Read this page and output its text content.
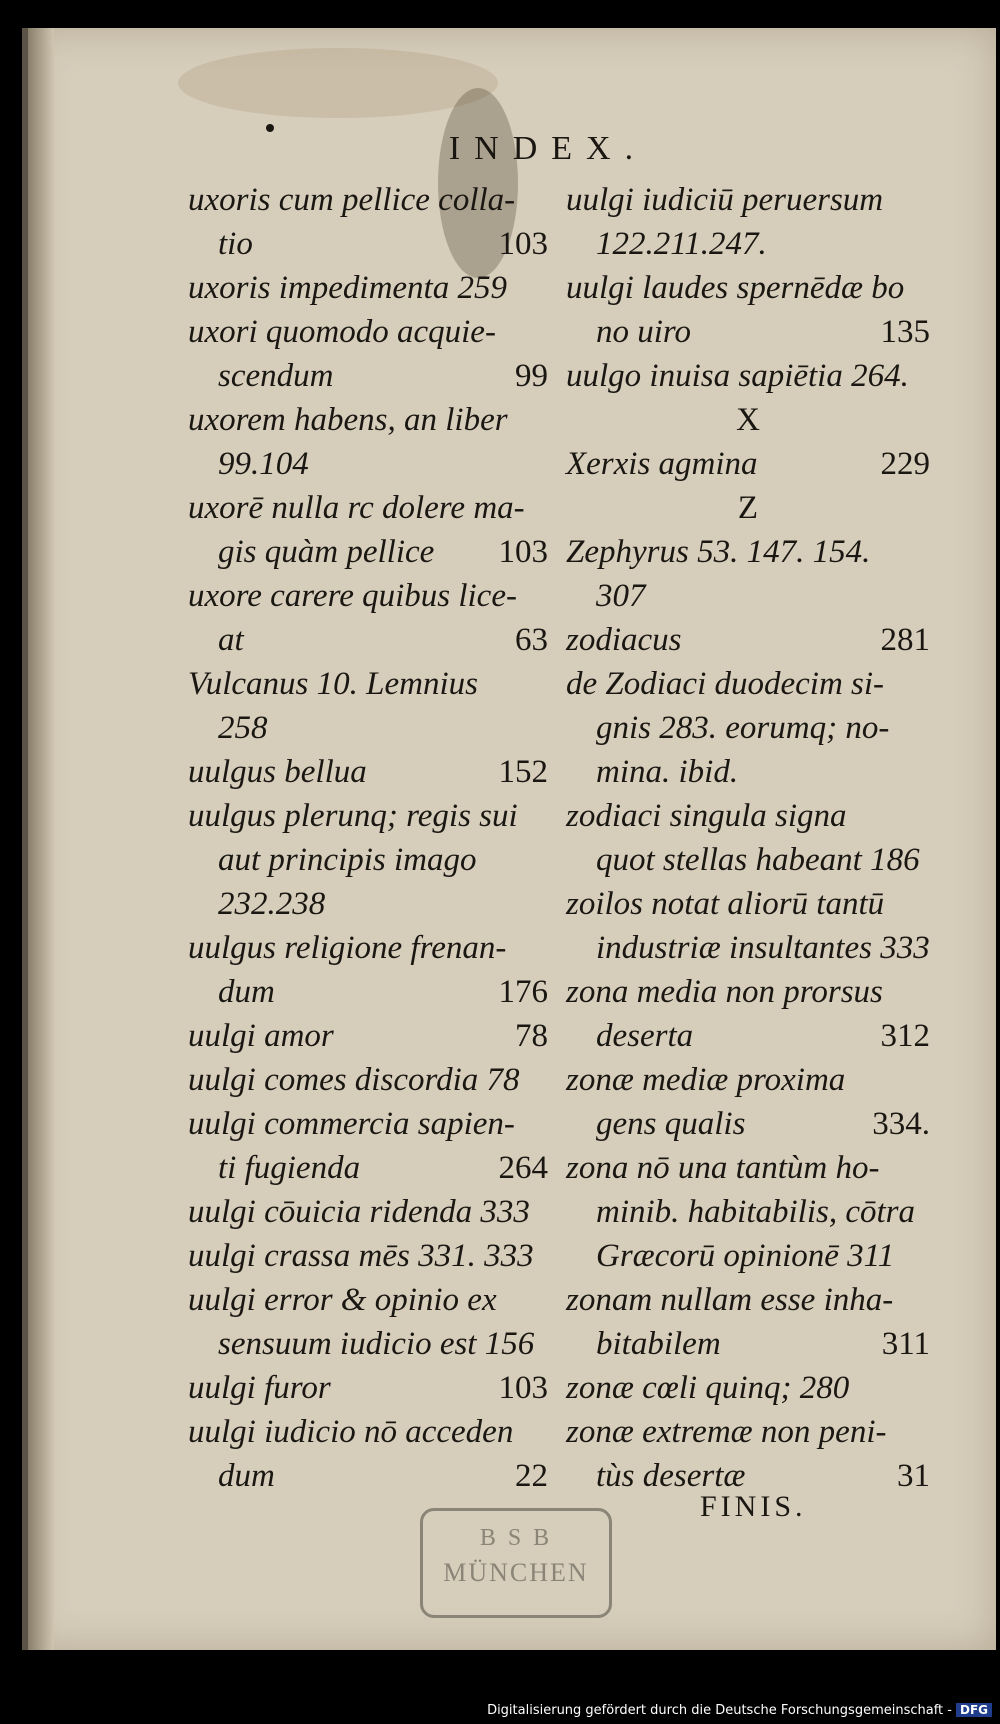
INDEX.
uxoris cum pellice colla-
tio	103
uxoris impedimenta 259
uxori quomodo acquie-
scendum	99
uxorem habens, an liber
99.104
uxorē nulla rc dolere ma-
gis quàm pellice 103
uxore carere quibus lice-
at	63
Vulcanus 10. Lemnius
258
uulgus bellua	152
uulgus plerunq; regis sui
aut principis imago
232.238
uulgus religione frenan-
dum	176
uulgi amor	78
uulgi comes discordia 78
uulgi commercia sapien-
ti fugienda	264
uulgi cōuicia ridenda 333
uulgi crassa mēs 331. 333
uulgi error & opinio ex
sensuum iudicio est 156
uulgi furor	103
uulgi iudicio nō acceden
dum	22
uulgi iudiciū peruersum
122.211.247.
uulgi laudes spernēdæ bo
no uiro	135
uulgo inuisa sapiētia 264.
X
Xerxis agmina	229
Z
Zephyrus 53. 147. 154.
307
zodiacus	281
de Zodiaci duodecim si-
gnis 283. eorumq; no-
mina. ibid.
zodiaci singula signa
quot stellas habeant 186
zoilos notat aliorū tantū
industriæ insultantes 333
zona media non prorsus
deserta	312
zonæ mediæ proxima
gens qualis	334.
zona nō una tantùm ho-
minib. habitabilis, cōtra
Græcorū opinionē 311
zonam nullam esse inha-
bitabilem	311
zonæ cœli quinq; 280
zonæ extremæ non peni-
tùs desertæ	31
FINIS.
B S B
MÜNCHEN
Digitalisierung gefördert durch die Deutsche Forschungsgemeinschaft - DFG
